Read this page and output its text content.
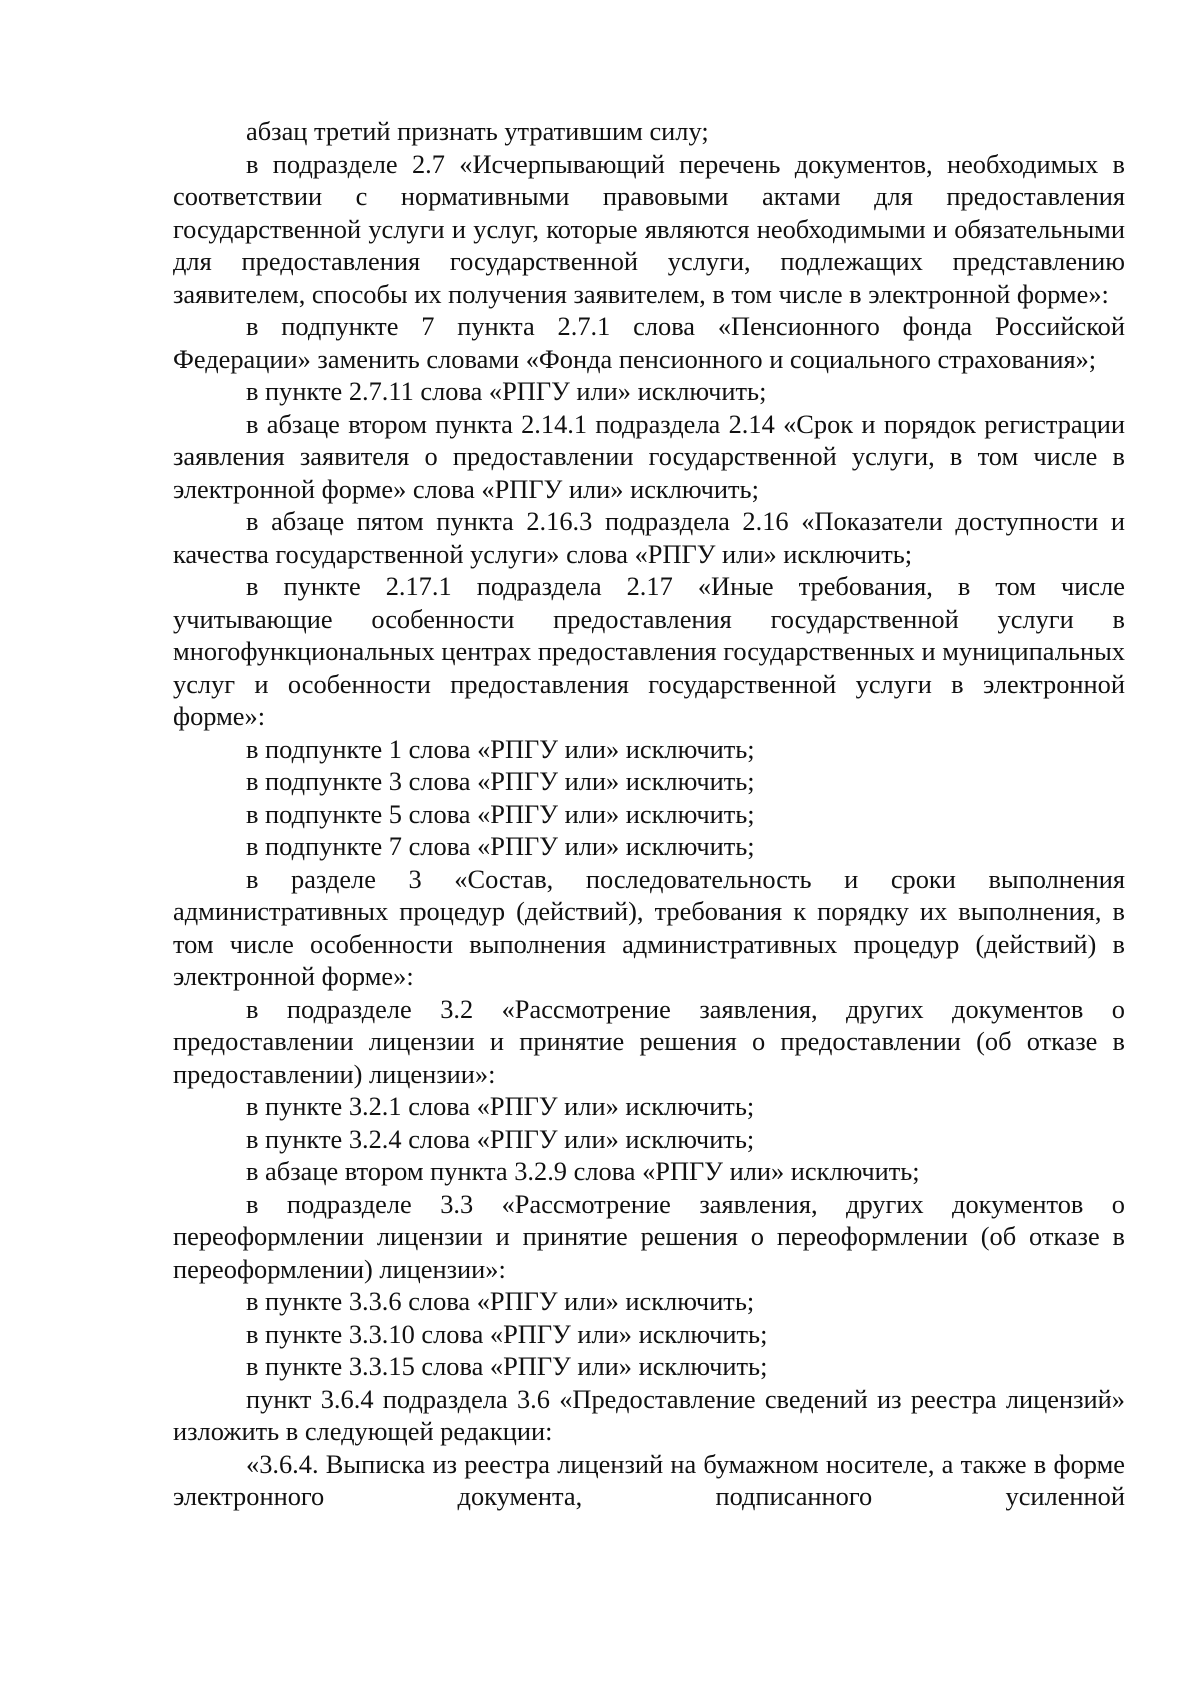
абзац третий признать утратившим силу;

в подразделе 2.7 «Исчерпывающий перечень документов, необходимых в соответствии с нормативными правовыми актами для предоставления государственной услуги и услуг, которые являются необходимыми и обязательными для предоставления государственной услуги, подлежащих представлению заявителем, способы их получения заявителем, в том числе в электронной форме»:

в подпункте 7 пункта 2.7.1 слова «Пенсионного фонда Российской Федерации» заменить словами «Фонда пенсионного и социального страхования»;

в пункте 2.7.11 слова «РПГУ или» исключить;

в абзаце втором пункта 2.14.1 подраздела 2.14 «Срок и порядок регистрации заявления заявителя о предоставлении государственной услуги, в том числе в электронной форме» слова «РПГУ или» исключить;

в абзаце пятом пункта 2.16.3 подраздела 2.16 «Показатели доступности и качества государственной услуги» слова «РПГУ или» исключить;

в пункте 2.17.1 подраздела 2.17 «Иные требования, в том числе учитывающие особенности предоставления государственной услуги в многофункциональных центрах предоставления государственных и муниципальных услуг и особенности предоставления государственной услуги в электронной форме»:

в подпункте 1 слова «РПГУ или» исключить;

в подпункте 3 слова «РПГУ или» исключить;

в подпункте 5 слова «РПГУ или» исключить;

в подпункте 7 слова «РПГУ или» исключить;

в разделе 3 «Состав, последовательность и сроки выполнения административных процедур (действий), требования к порядку их выполнения, в том числе особенности выполнения административных процедур (действий) в электронной форме»:

в подразделе 3.2 «Рассмотрение заявления, других документов о предоставлении лицензии и принятие решения о предоставлении (об отказе в предоставлении) лицензии»:

в пункте 3.2.1 слова «РПГУ или» исключить;

в пункте 3.2.4 слова «РПГУ или» исключить;

в абзаце втором пункта 3.2.9 слова «РПГУ или» исключить;

в подразделе 3.3 «Рассмотрение заявления, других документов о переоформлении лицензии и принятие решения о переоформлении (об отказе в переоформлении) лицензии»:

в пункте 3.3.6 слова «РПГУ или» исключить;

в пункте 3.3.10 слова «РПГУ или» исключить;

в пункте 3.3.15 слова «РПГУ или» исключить;

пункт 3.6.4 подраздела 3.6 «Предоставление сведений из реестра лицензий» изложить в следующей редакции:

«3.6.4. Выписка из реестра лицензий на бумажном носителе, а также в форме электронного документа, подписанного усиленной
